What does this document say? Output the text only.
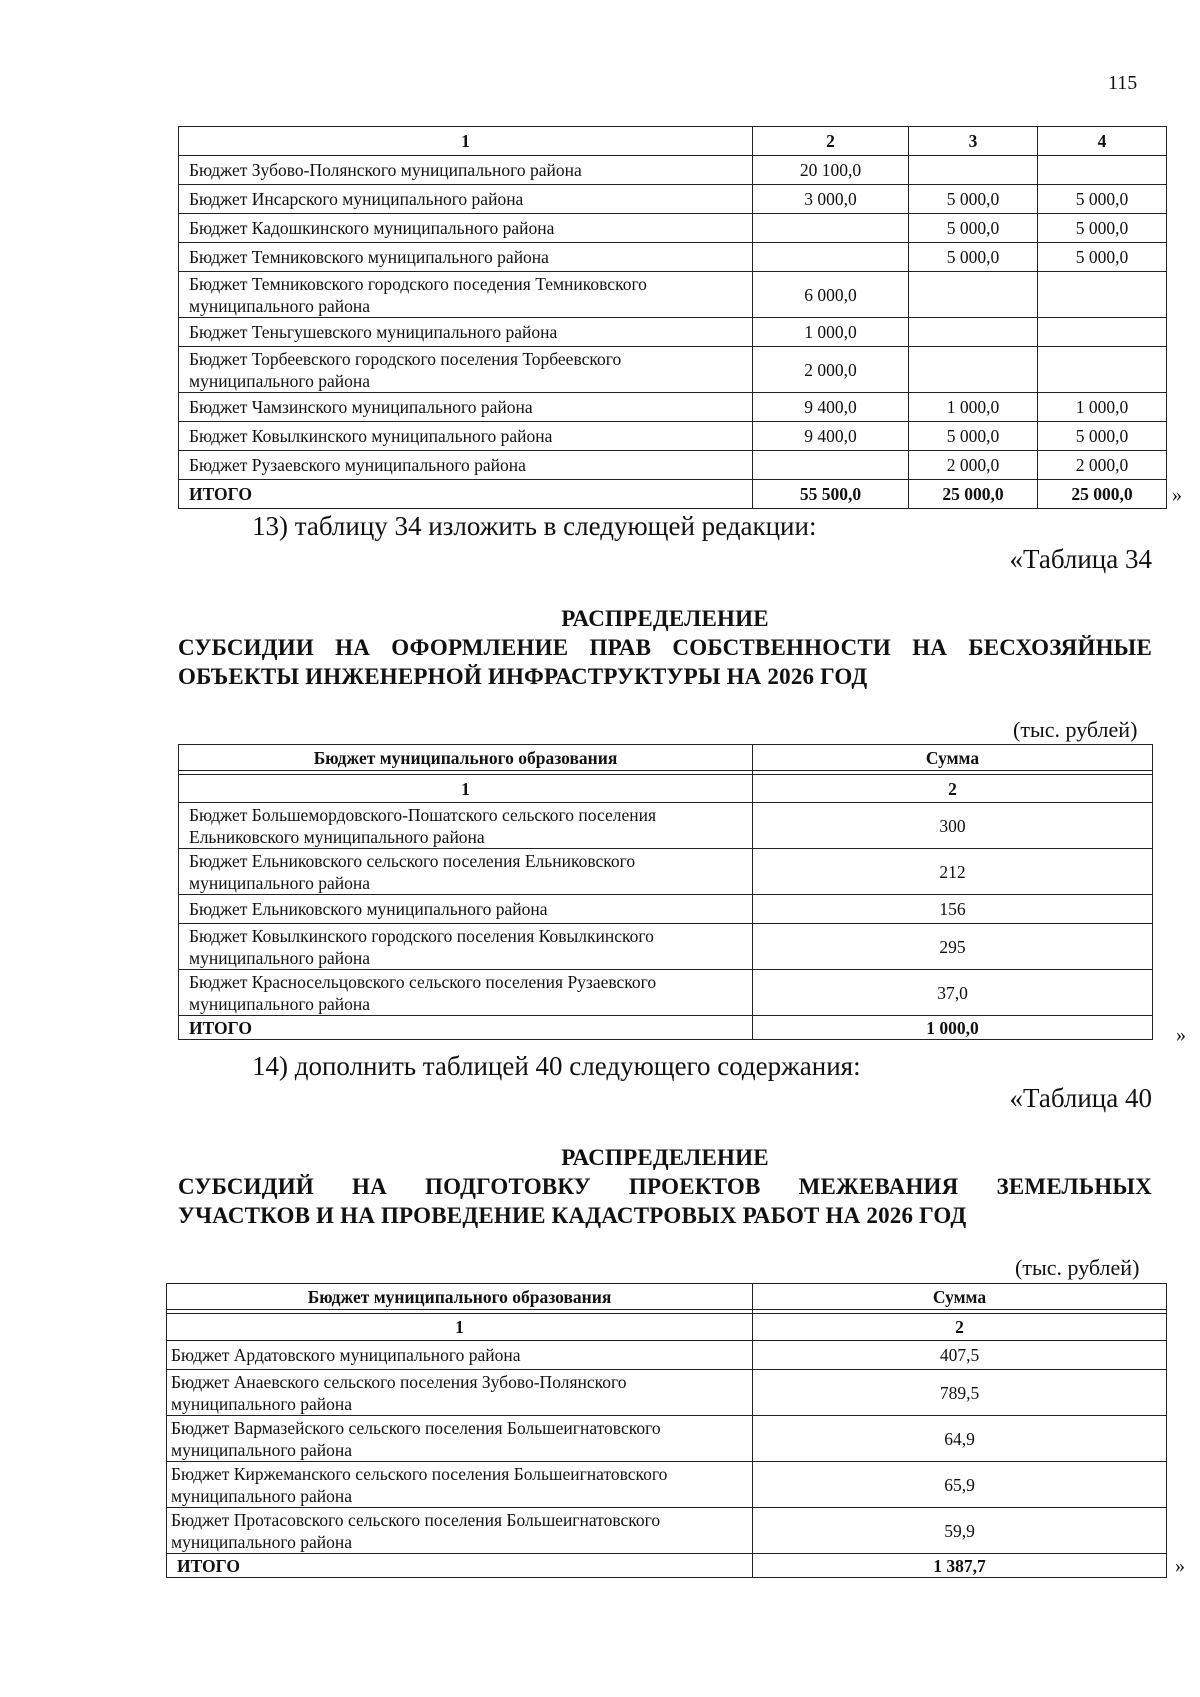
115
1	2	3	4
Бюджет Зубово-Полянского муниципального района	20 100,0		
Бюджет Инсарского муниципального района	3 000,0	5 000,0	5 000,0
Бюджет Кадошкинского муниципального района		5 000,0	5 000,0
Бюджет Темниковского муниципального района		5 000,0	5 000,0
Бюджет Темниковского городского поседения Темниковского муниципального района	6 000,0		
Бюджет Теньгушевского муниципального района	1 000,0		
Бюджет Торбеевского городского поселения Торбеевского муниципального района	2 000,0		
Бюджет Чамзинского муниципального района	9 400,0	1 000,0	1 000,0
Бюджет Ковылкинского муниципального района	9 400,0	5 000,0	5 000,0
Бюджет Рузаевского муниципального района		2 000,0	2 000,0
ИТОГО	55 500,0	25 000,0	25 000,0 »
13) таблицу 34 изложить в следующей редакции:
«Таблица 34
РАСПРЕДЕЛЕНИЕ
СУБСИДИИ НА ОФОРМЛЕНИЕ ПРАВ СОБСТВЕННОСТИ НА БЕСХОЗЯЙНЫЕ
ОБЪЕКТЫ ИНЖЕНЕРНОЙ ИНФРАСТРУКТУРЫ НА 2026 ГОД
(тыс. рублей)
Бюджет муниципального образования	Сумма

1	2
Бюджет Большемордовского-Пошатского сельского поселения Ельниковского муниципального района	300
Бюджет Ельниковского сельского поселения Ельниковского муниципального района	212
Бюджет Ельниковского муниципального района	156
Бюджет Ковылкинского городского поселения Ковылкинского муниципального района	295
Бюджет Красносельцовского сельского поселения Рузаевского муниципального района	37,0
ИТОГО	1 000,0	»
14) дополнить таблицей 40 следующего содержания:
«Таблица 40
РАСПРЕДЕЛЕНИЕ
СУБСИДИЙ НА ПОДГОТОВКУ ПРОЕКТОВ МЕЖЕВАНИЯ ЗЕМЕЛЬНЫХ
УЧАСТКОВ И НА ПРОВЕДЕНИЕ КАДАСТРОВЫХ РАБОТ НА 2026 ГОД
(тыс. рублей)
Бюджет муниципального образования	Сумма

1	2
Бюджет Ардатовского муниципального района	407,5
Бюджет Анаевского сельского поселения Зубово-Полянского муниципального района	789,5
Бюджет Вармазейского сельского поселения Большеигнатовского муниципального района	64,9
Бюджет Киржеманского сельского поселения Большеигнатовского муниципального района	65,9
Бюджет Протасовского сельского поселения Большеигнатовского муниципального района	59,9
ИТОГО	1 387,7	»
